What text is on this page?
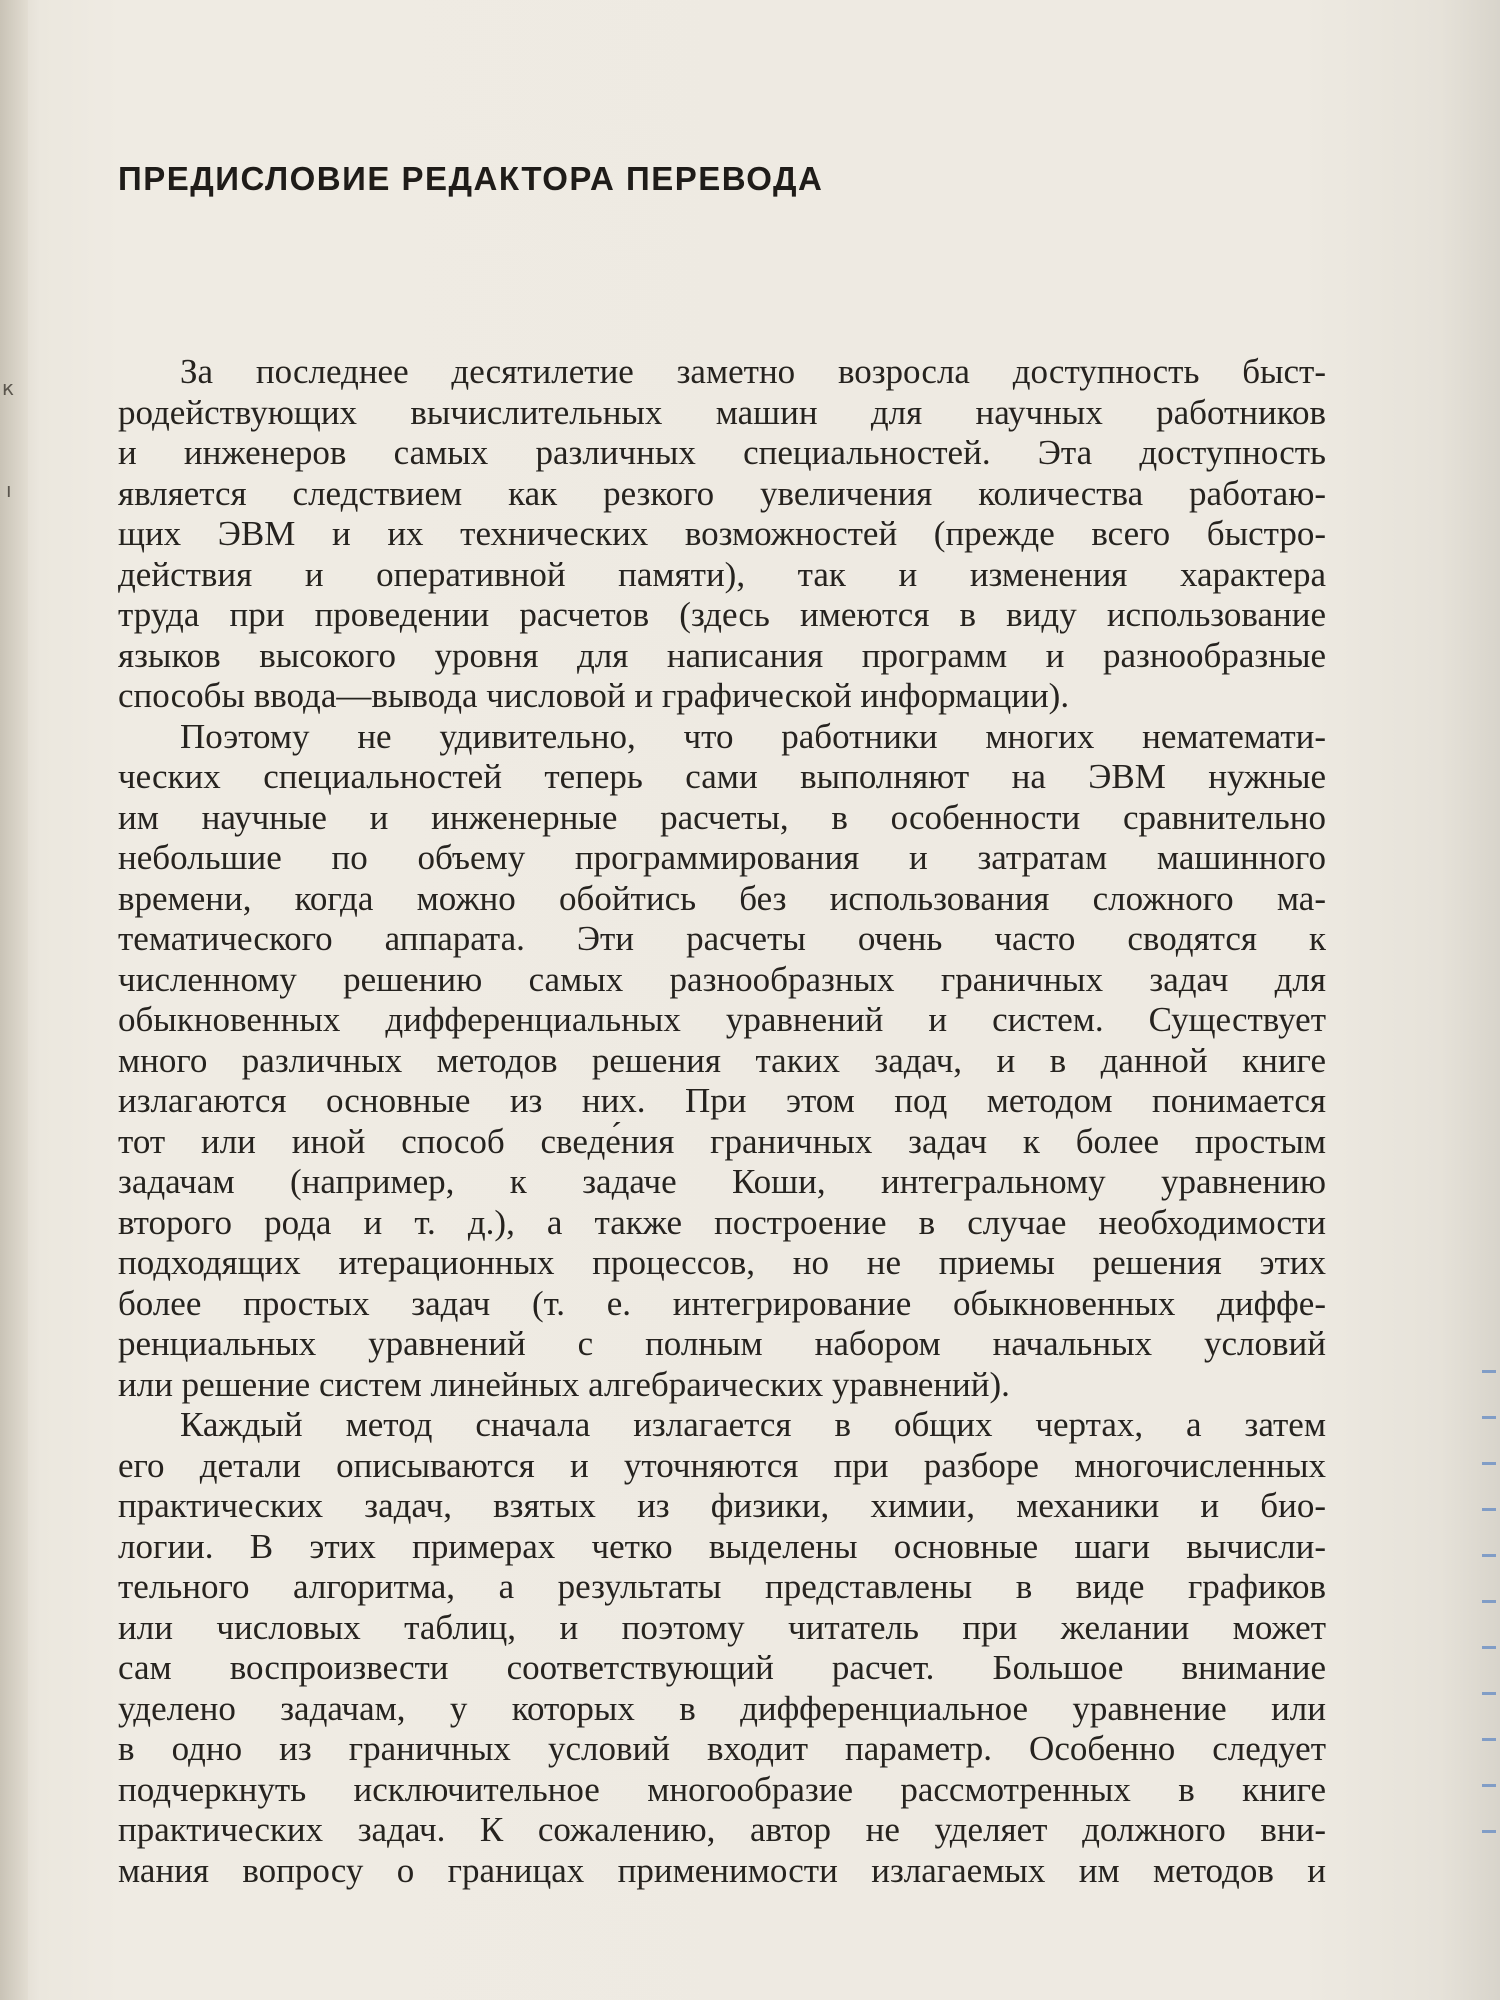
к
ı
ПРЕДИСЛОВИЕ РЕДАКТОРА ПЕРЕВОДА
За последнее десятилетие заметно возросла доступность быст-
родействующих вычислительных машин для научных работников
и инженеров самых различных специальностей. Эта доступность
является следствием как резкого увеличения количества работаю-
щих ЭВМ и их технических возможностей (прежде всего быстро-
действия и оперативной памяти), так и изменения характера
труда при проведении расчетов (здесь имеются в виду использование
языков высокого уровня для написания программ и разнообразные
способы ввода—вывода числовой и графической информации).
Поэтому не удивительно, что работники многих нематемати-
ческих специальностей теперь сами выполняют на ЭВМ нужные
им научные и инженерные расчеты, в особенности сравнительно
небольшие по объему программирования и затратам машинного
времени, когда можно обойтись без использования сложного ма-
тематического аппарата. Эти расчеты очень часто сводятся к
численному решению самых разнообразных граничных задач для
обыкновенных дифференциальных уравнений и систем. Существует
много различных методов решения таких задач, и в данной книге
излагаются основные из них. При этом под методом понимается
тот или иной способ сведе́ния граничных задач к более простым
задачам (например, к задаче Коши, интегральному уравнению
второго рода и т. д.), а также построение в случае необходимости
подходящих итерационных процессов, но не приемы решения этих
более простых задач (т. е. интегрирование обыкновенных диффе-
ренциальных уравнений с полным набором начальных условий
или решение систем линейных алгебраических уравнений).
Каждый метод сначала излагается в общих чертах, а затем
его детали описываются и уточняются при разборе многочисленных
практических задач, взятых из физики, химии, механики и био-
логии. В этих примерах четко выделены основные шаги вычисли-
тельного алгоритма, а результаты представлены в виде графиков
или числовых таблиц, и поэтому читатель при желании может
сам воспроизвести соответствующий расчет. Большое внимание
уделено задачам, у которых в дифференциальное уравнение или
в одно из граничных условий входит параметр. Особенно следует
подчеркнуть исключительное многообразие рассмотренных в книге
практических задач. К сожалению, автор не уделяет должного вни-
мания вопросу о границах применимости излагаемых им методов и
